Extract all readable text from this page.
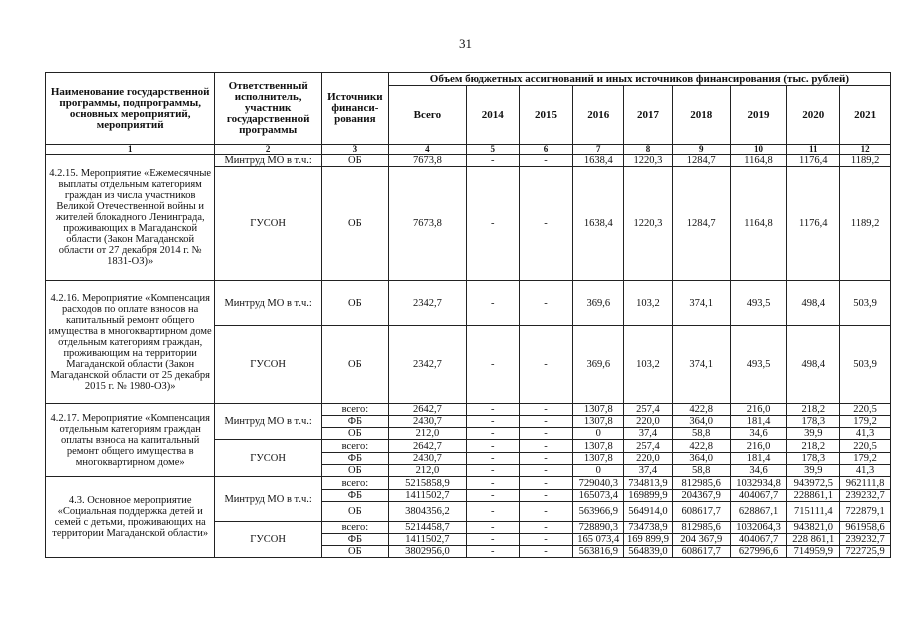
31
Наименование государственной программы, подпрограммы, основных мероприятий, мероприятий	Ответственный исполнитель, участник государственной программы	Источники финанси-рования	Объем бюджетных ассигнований и иных источников финансирования (тыс. рублей)								
			Всего	2014	2015	2016	2017	2018	2019	2020	2021
1	2	3	4	5	6	7	8	9	10	11	12
4.2.15. Мероприятие «Ежемесячные выплаты отдельным категориям граждан из числа участников Великой Отечественной войны и жителей блокадного Ленинграда, проживающих в Магаданской области (Закон Магаданской области от 27 декабря 2014 г. № 1831-ОЗ)»	Минтруд МО в т.ч.:	ОБ	7673,8	-	-	1638,4	1220,3	1284,7	1164,8	1176,4	1189,2
	ГУСОН	ОБ	7673,8	-	-	1638,4	1220,3	1284,7	1164,8	1176,4	1189,2
4.2.16. Мероприятие «Компенсация расходов по оплате взносов на капитальный ремонт общего имущества в многоквартирном доме отдельным категориям граждан, проживающим на территории Магаданской области (Закон Магаданской области от 25 декабря 2015 г. № 1980-ОЗ)»	Минтруд МО в т.ч.:	ОБ	2342,7	-	-	369,6	103,2	374,1	493,5	498,4	503,9
	ГУСОН	ОБ	2342,7	-	-	369,6	103,2	374,1	493,5	498,4	503,9
4.2.17. Мероприятие «Компенсация отдельным категориям граждан оплаты взноса на капитальный ремонт общего имущества в многоквартирном доме»	Минтруд МО в т.ч.:	всего:	2642,7	-	-	1307,8	257,4	422,8	216,0	218,2	220,5
		ФБ	2430,7	-	-	1307,8	220,0	364,0	181,4	178,3	179,2
		ОБ	212,0	-	-	0	37,4	58,8	34,6	39,9	41,3
	ГУСОН	всего:	2642,7	-	-	1307,8	257,4	422,8	216,0	218,2	220,5
		ФБ	2430,7	-	-	1307,8	220,0	364,0	181,4	178,3	179,2
		ОБ	212,0	-	-	0	37,4	58,8	34,6	39,9	41,3
4.3. Основное мероприятие «Социальная поддержка детей и семей с детьми, проживающих на территории Магаданской области»	Минтруд МО в т.ч.:	всего:	5215858,9	-	-	729040,3	734813,9	812985,6	1032934,8	943972,5	962111,8
		ФБ	1411502,7	-	-	165073,4	169899,9	204367,9	404067,7	228861,1	239232,7
		ОБ	3804356,2	-	-	563966,9	564914,0	608617,7	628867,1	715111,4	722879,1
	ГУСОН	всего:	5214458,7	-	-	728890,3	734738,9	812985,6	1032064,3	943821,0	961958,6
		ФБ	1411502,7	-	-	165 073,4	169 899,9	204 367,9	404067,7	228 861,1	239232,7
		ОБ	3802956,0	-	-	563816,9	564839,0	608617,7	627996,6	714959,9	722725,9
